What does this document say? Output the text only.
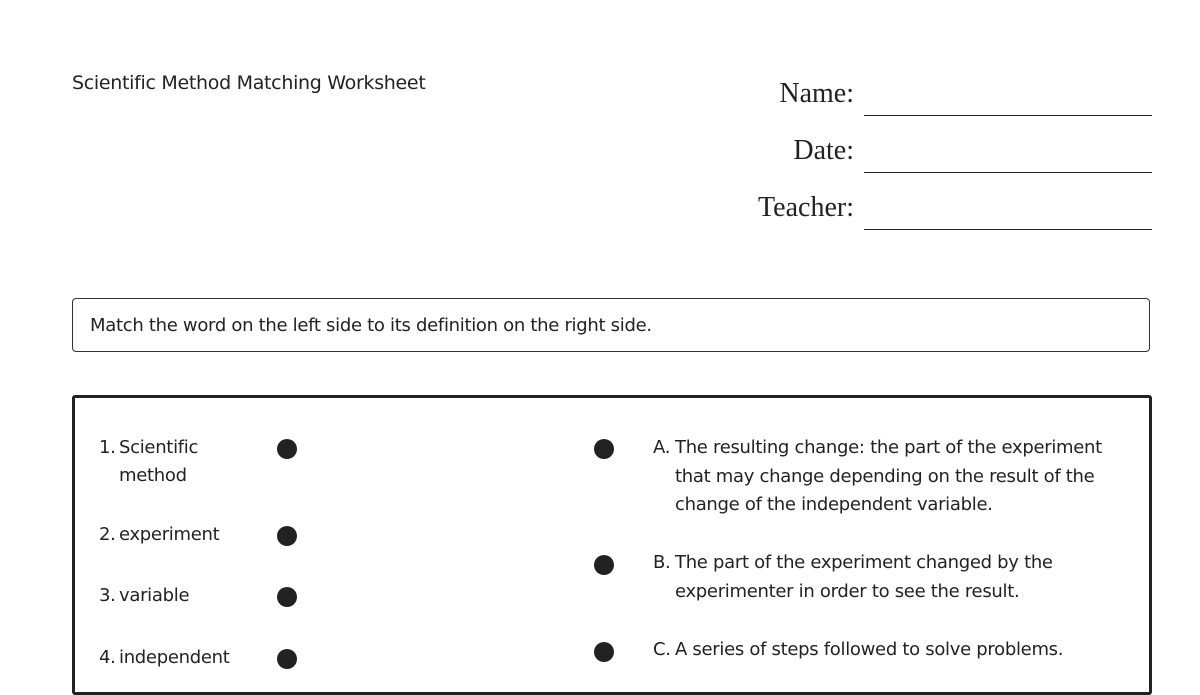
Scientific Method Matching Worksheet	Name:
Date:
Teacher:
Match the word on the left side to its definition on the right side.
1. Scientific method
2. experiment
3. variable
4. independent
A. The resulting change: the part of the experiment that may change depending on the result of the change of the independent variable.
B. The part of the experiment changed by the experimenter in order to see the result.
C. A series of steps followed to solve problems.
